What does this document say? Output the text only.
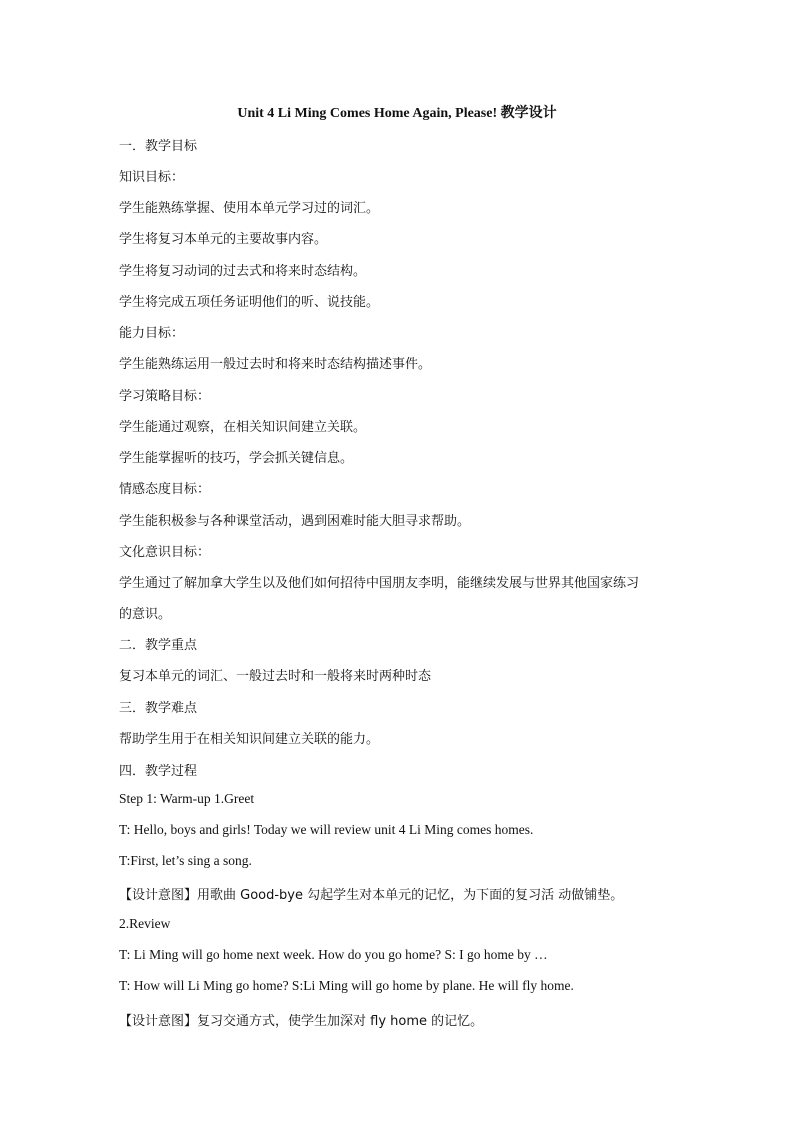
Unit 4 Li Ming Comes Home Again, Please! 教学设计
一．教学目标
知识目标：
学生能熟练掌握、使用本单元学习过的词汇。
学生将复习本单元的主要故事内容。
学生将复习动词的过去式和将来时态结构。
学生将完成五项任务证明他们的听、说技能。
能力目标：
学生能熟练运用一般过去时和将来时态结构描述事件。
学习策略目标：
学生能通过观察，在相关知识间建立关联。
学生能掌握听的技巧，学会抓关键信息。
情感态度目标：
学生能积极参与各种课堂活动，遇到困难时能大胆寻求帮助。
文化意识目标：
学生通过了解加拿大学生以及他们如何招待中国朋友李明，能继续发展与世界其他国家练习
的意识。
二．教学重点
复习本单元的词汇、一般过去时和一般将来时两种时态
三．教学难点
帮助学生用于在相关知识间建立关联的能力。
四．教学过程
Step 1: Warm-up 1.Greet
T: Hello, boys and girls! Today we will review unit 4 Li Ming comes homes.
T:First, let’s sing a song.
【设计意图】用歌曲 Good-bye 勾起学生对本单元的记忆，为下面的复习活 动做铺垫。
2.Review
T: Li Ming will go home next week. How do you go home? S: I go home by …
T: How will Li Ming go home? S:Li Ming will go home by plane. He will fly home.
【设计意图】复习交通方式，使学生加深对 fly home 的记忆。
